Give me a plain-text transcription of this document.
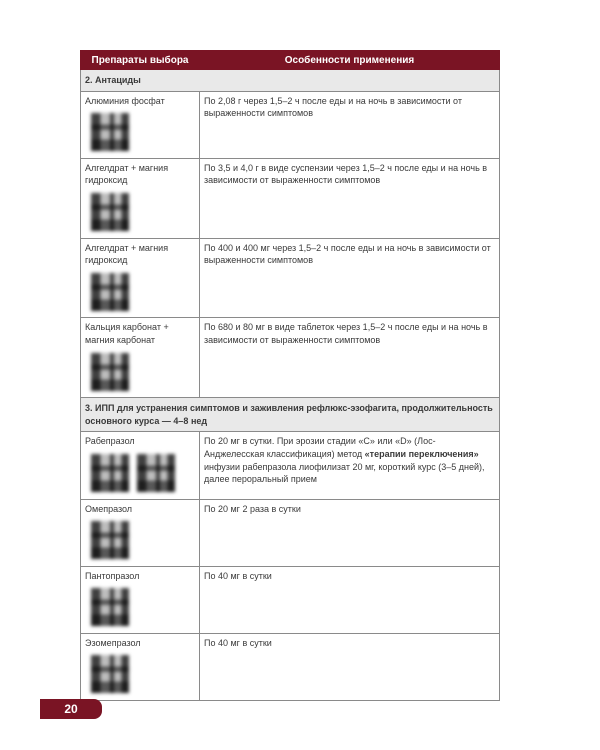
Препараты выбора	Особенности применения
2. Антациды	

Алюминия фосфат	По 2,08 г через 1,5–2 ч после еды и на ночь в зависимости от выраженности симптомов

Алгелдрат + магния гидроксид	По 3,5 и 4,0 г в виде суспензии через 1,5–2 ч после еды и на ночь в зависимости от выраженности симптомов

Алгелдрат + магния гидроксид	По 400 и 400 мг через 1,5–2 ч после еды и на ночь в зависимости от выраженности симптомов

Кальция карбонат + магния карбонат	По 680 и 80 мг в виде таблеток через 1,5–2 ч после еды и на ночь в зависимости от выраженности симптомов
3. ИПП для устранения симптомов и заживления рефлюкс-эзофагита, продолжительность основного курса — 4–8 нед	

Рабепразол	По 20 мг в сутки. При эрозии стадии «C» или «D» (Лос-Анджелесская классификация) метод «терапии переключения» инфузии рабепразола лиофилизат 20 мг, короткий курс (3–5 дней), далее пероральный прием

Омепразол	По 20 мг 2 раза в сутки

Пантопразол	По 40 мг в сутки

Эзомепразол	По 40 мг в сутки
20
